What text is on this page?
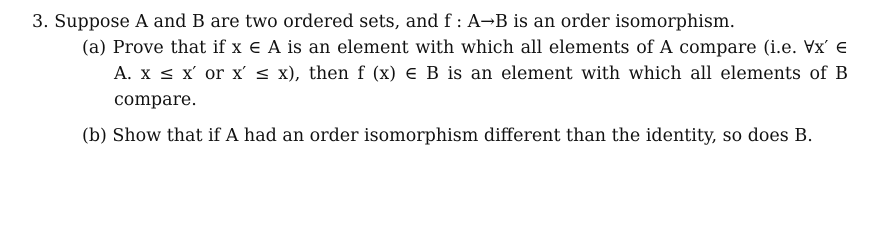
3. Suppose A and B are two ordered sets, and f : A→B is an order isomorphism.
(a) Prove that if x ∈ A is an element with which all elements of A compare (i.e. ∀x′ ∈
A. x ≤ x′ or x′ ≤ x), then f (x) ∈ B is an element with which all elements of B
compare.
(b) Show that if A had an order isomorphism different than the identity, so does B.
